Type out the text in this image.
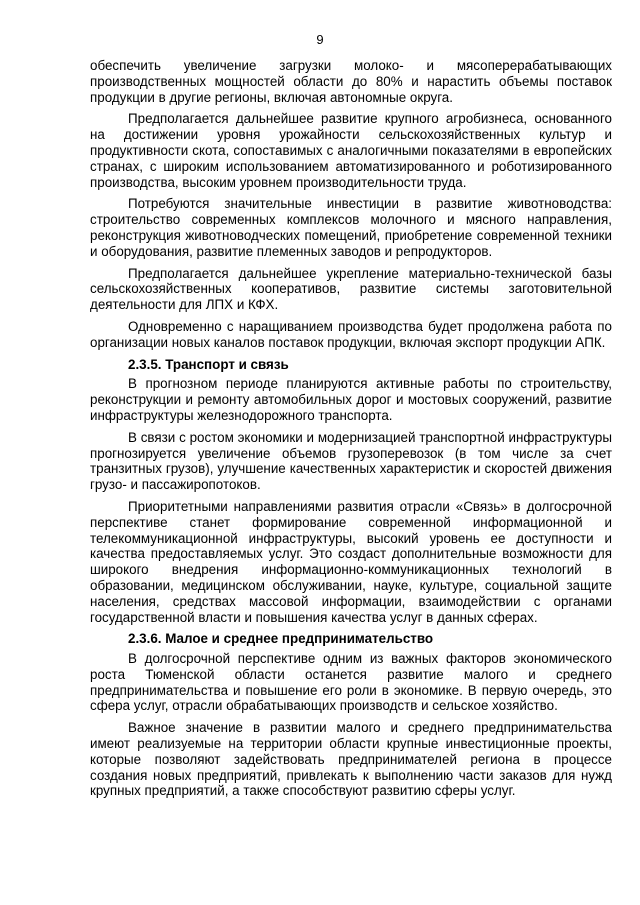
9

обеспечить увеличение загрузки молоко- и мясоперерабатывающих производственных мощностей области до 80% и нарастить объемы поставок продукции в другие регионы, включая автономные округа.

Предполагается дальнейшее развитие крупного агробизнеса, основанного на достижении уровня урожайности сельскохозяйственных культур и продуктивности скота, сопоставимых с аналогичными показателями в европейских странах, с широким использованием автоматизированного и роботизированного производства, высоким уровнем производительности труда.

Потребуются значительные инвестиции в развитие животноводства: строительство современных комплексов молочного и мясного направления, реконструкция животноводческих помещений, приобретение современной техники и оборудования, развитие племенных заводов и репродукторов.

Предполагается дальнейшее укрепление материально-технической базы сельскохозяйственных кооперативов, развитие системы заготовительной деятельности для ЛПХ и КФХ.

Одновременно с наращиванием производства будет продолжена работа по организации новых каналов поставок продукции, включая экспорт продукции АПК.

2.3.5. Транспорт и связь

В прогнозном периоде планируются активные работы по строительству, реконструкции и ремонту автомобильных дорог и мостовых сооружений, развитие инфраструктуры железнодорожного транспорта.

В связи с ростом экономики и модернизацией транспортной инфраструктуры прогнозируется увеличение объемов грузоперевозок (в том числе за счет транзитных грузов), улучшение качественных характеристик и скоростей движения грузо- и пассажиропотоков.

Приоритетными направлениями развития отрасли «Связь» в долгосрочной перспективе станет формирование современной информационной и телекоммуникационной инфраструктуры, высокий уровень ее доступности и качества предоставляемых услуг. Это создаст дополнительные возможности для широкого внедрения информационно-коммуникационных технологий в образовании, медицинском обслуживании, науке, культуре, социальной защите населения, средствах массовой информации, взаимодействии с органами государственной власти и повышения качества услуг в данных сферах.

2.3.6. Малое и среднее предпринимательство

В долгосрочной перспективе одним из важных факторов экономического роста Тюменской области останется развитие малого и среднего предпринимательства и повышение его роли в экономике. В первую очередь, это сфера услуг, отрасли обрабатывающих производств и сельское хозяйство.

Важное значение в развитии малого и среднего предпринимательства имеют реализуемые на территории области крупные инвестиционные проекты, которые позволяют задействовать предпринимателей региона в процессе создания новых предприятий, привлекать к выполнению части заказов для нужд крупных предприятий, а также способствуют развитию сферы услуг.
